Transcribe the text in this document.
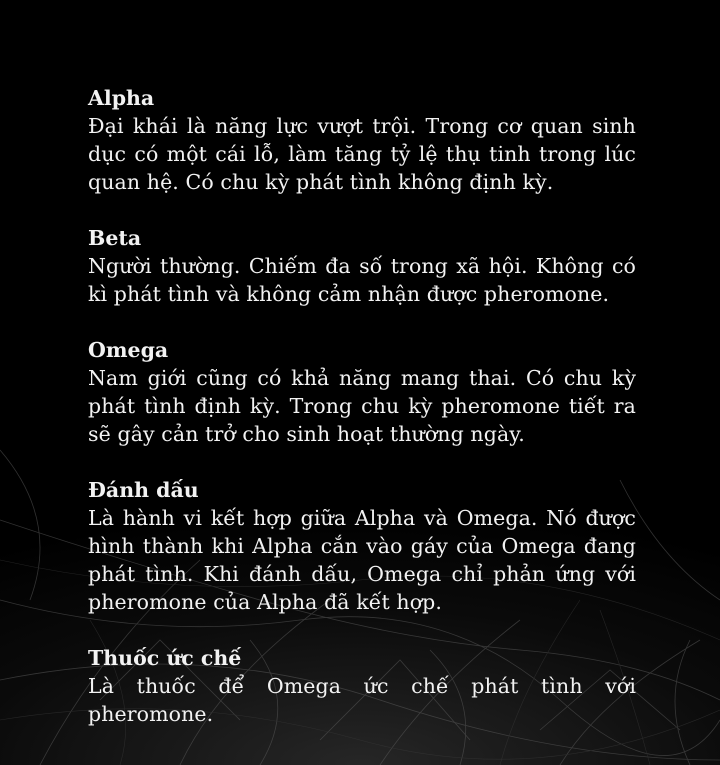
Alpha
Đại khái là năng lực vượt trội. Trong cơ quan sinh dục có một cái lỗ, làm tăng tỷ lệ thụ tinh trong lúc quan hệ. Có chu kỳ phát tình không định kỳ.
Beta
Người thường. Chiếm đa số trong xã hội. Không có kì phát tình và không cảm nhận được pheromone.
Omega
Nam giới cũng có khả năng mang thai. Có chu kỳ phát tình định kỳ. Trong chu kỳ pheromone tiết ra sẽ gây cản trở cho sinh hoạt thường ngày.
Đánh dấu
Là hành vi kết hợp giữa Alpha và Omega. Nó được hình thành khi Alpha cắn vào gáy của Omega đang phát tình. Khi đánh dấu, Omega chỉ phản ứng với pheromone của Alpha đã kết hợp.
Thuốc ức chế
Là thuốc để Omega ức chế phát tình với pheromone.
